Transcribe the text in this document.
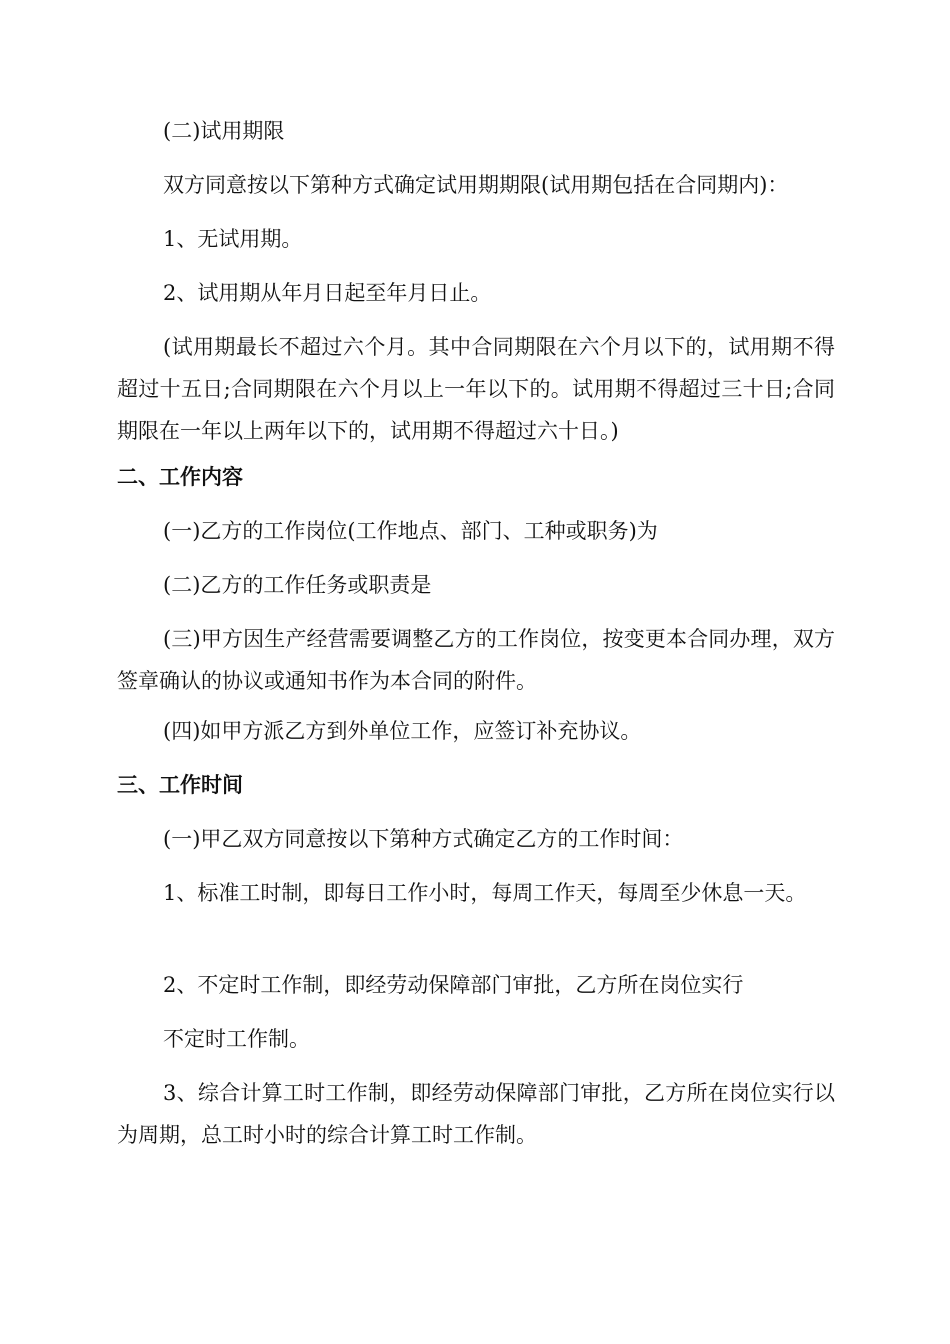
(二)试用期限
双方同意按以下第种方式确定试用期期限(试用期包括在合同期内)：
1、无试用期。
2、试用期从年月日起至年月日止。
(试用期最长不超过六个月。其中合同期限在六个月以下的，试用期不得超过十五日;合同期限在六个月以上一年以下的。试用期不得超过三十日;合同期限在一年以上两年以下的，试用期不得超过六十日。)
二、工作内容
(一)乙方的工作岗位(工作地点、部门、工种或职务)为
(二)乙方的工作任务或职责是
(三)甲方因生产经营需要调整乙方的工作岗位，按变更本合同办理，双方签章确认的协议或通知书作为本合同的附件。
(四)如甲方派乙方到外单位工作，应签订补充协议。
三、工作时间
(一)甲乙双方同意按以下第种方式确定乙方的工作时间：
1、标准工时制，即每日工作小时，每周工作天，每周至少休息一天。
2、不定时工作制，即经劳动保障部门审批，乙方所在岗位实行
不定时工作制。
3、综合计算工时工作制，即经劳动保障部门审批，乙方所在岗位实行以为周期，总工时小时的综合计算工时工作制。
